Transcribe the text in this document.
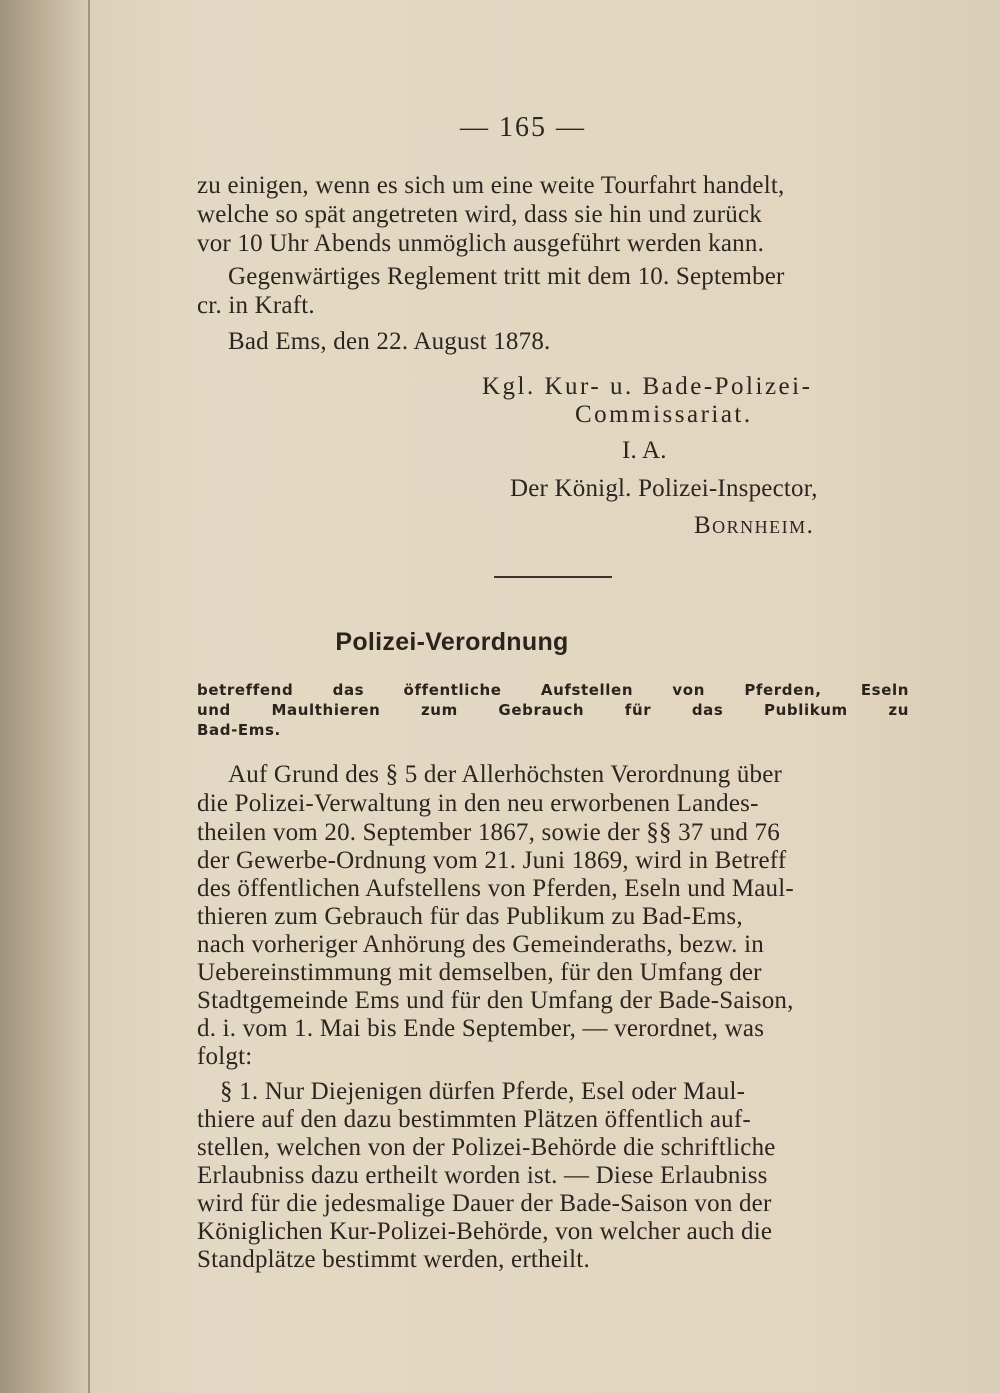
— 165 —
zu einigen, wenn es sich um eine weite Tourfahrt handelt,
welche so spät angetreten wird, dass sie hin und zurück
vor 10 Uhr Abends unmöglich ausgeführt werden kann.
Gegenwärtiges Reglement tritt mit dem 10. September
cr. in Kraft.
Bad Ems, den 22. August 1878.
Kgl. Kur- u. Bade-Polizei-
Commissariat.
I. A.
Der Königl. Polizei-Inspector,
Bornheim.
Polizei-Verordnung
betreffend das öffentliche Aufstellen von Pferden, Eseln
und Maulthieren zum Gebrauch für das Publikum zu
Bad-Ems.
Auf Grund des § 5 der Allerhöchsten Verordnung über
die Polizei-Verwaltung in den neu erworbenen Landes-
theilen vom 20. September 1867, sowie der §§ 37 und 76
der Gewerbe-Ordnung vom 21. Juni 1869, wird in Betreff
des öffentlichen Aufstellens von Pferden, Eseln und Maul-
thieren zum Gebrauch für das Publikum zu Bad-Ems,
nach vorheriger Anhörung des Gemeinderaths, bezw. in
Uebereinstimmung mit demselben, für den Umfang der
Stadtgemeinde Ems und für den Umfang der Bade-Saison,
d. i. vom 1. Mai bis Ende September, — verordnet, was
folgt:
§ 1. Nur Diejenigen dürfen Pferde, Esel oder Maul-
thiere auf den dazu bestimmten Plätzen öffentlich auf-
stellen, welchen von der Polizei-Behörde die schriftliche
Erlaubniss dazu ertheilt worden ist. — Diese Erlaubniss
wird für die jedesmalige Dauer der Bade-Saison von der
Königlichen Kur-Polizei-Behörde, von welcher auch die
Standplätze bestimmt werden, ertheilt.
